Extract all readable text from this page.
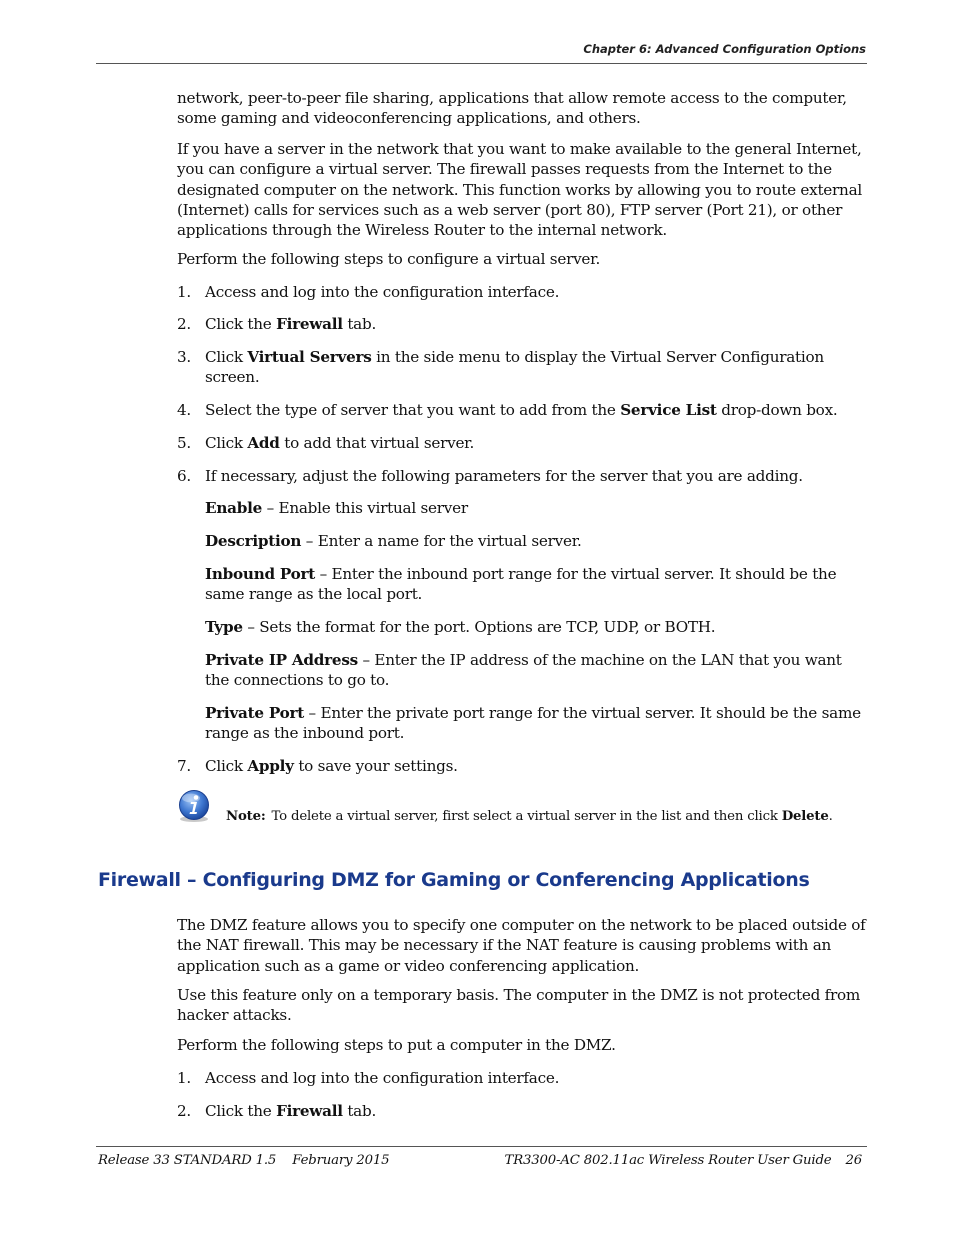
Chapter 6: Advanced Configuration Options
network, peer-to-peer file sharing, applications that allow remote access to the computer, some gaming and videoconferencing applications, and others.
If you have a server in the network that you want to make available to the general Internet, you can configure a virtual server. The firewall passes requests from the Internet to the designated computer on the network. This function works by allowing you to route external (Internet) calls for services such as a web server (port 80), FTP server (Port 21), or other applications through the Wireless Router to the internal network.
Perform the following steps to configure a virtual server.
1. Access and log into the configuration interface.
2. Click the Firewall tab.
3. Click Virtual Servers in the side menu to display the Virtual Server Configuration screen.
4. Select the type of server that you want to add from the Service List drop-down box.
5. Click Add to add that virtual server.
6. If necessary, adjust the following parameters for the server that you are adding.
Enable – Enable this virtual server
Description – Enter a name for the virtual server.
Inbound Port – Enter the inbound port range for the virtual server. It should be the same range as the local port.
Type – Sets the format for the port. Options are TCP, UDP, or BOTH.
Private IP Address – Enter the IP address of the machine on the LAN that you want the connections to go to.
Private Port – Enter the private port range for the virtual server. It should be the same range as the inbound port.
7. Click Apply to save your settings.
Note: To delete a virtual server, first select a virtual server in the list and then click Delete.
Firewall – Configuring DMZ for Gaming or Conferencing Applications
The DMZ feature allows you to specify one computer on the network to be placed outside of the NAT firewall. This may be necessary if the NAT feature is causing problems with an application such as a game or video conferencing application.
Use this feature only on a temporary basis. The computer in the DMZ is not protected from hacker attacks.
Perform the following steps to put a computer in the DMZ.
1. Access and log into the configuration interface.
2. Click the Firewall tab.
Release 33 STANDARD 1.5    February 2015	TR3300-AC 802.11ac Wireless Router User Guide 26
